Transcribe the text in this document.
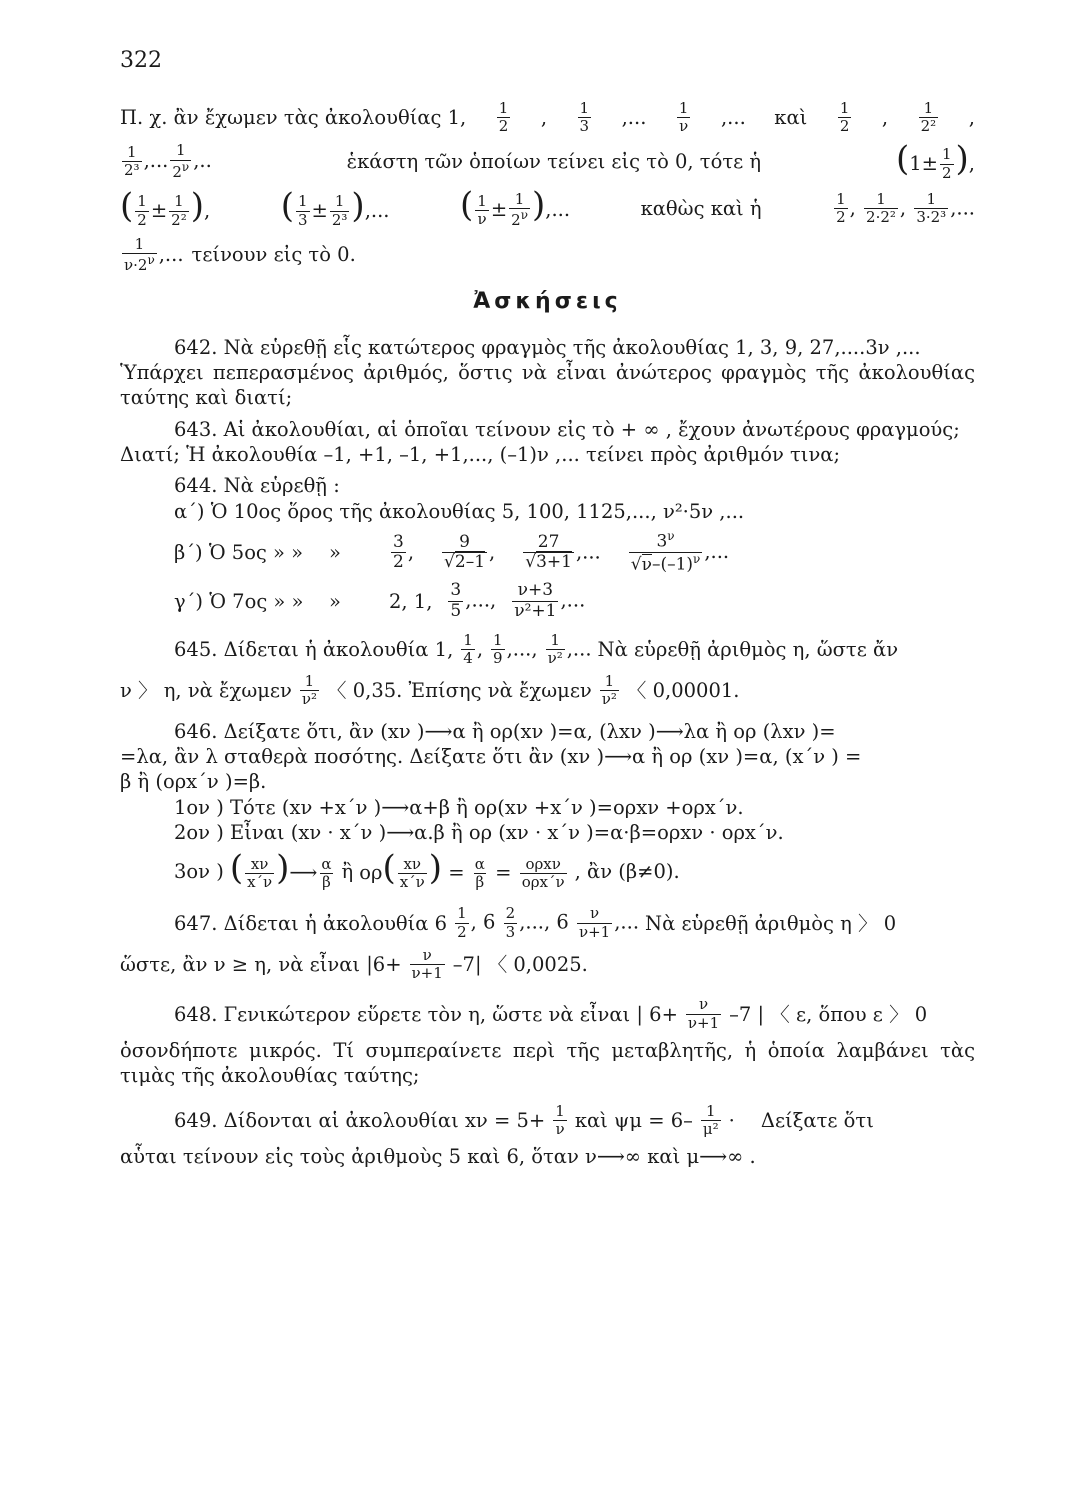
322
Π. χ. ἂν ἔχωμεν τὰς ἀκολουθίας 1, $\frac{1}{2}$ , $\frac{1}{3}$ ,... $\frac{1}{\nu}$ ,... καὶ $\frac{1}{2}$ , $\frac{1}{\text{2²}}$ ,
$\frac{1}{\text{2³}}$ ,... $\frac{1}{2^\nu}$ ,..	ἑκάστη τῶν ὁποίων τείνει εἰς τὸ 0, τότε ἡ	($1\pm \frac{1}{2}$ ),
( $\frac{1}{2} \pm \frac{1}{\text{2²}}$ ), ( $\frac{1}{3} \pm \frac{1}{\text{2³}}$ ),... ( $\frac{1}{\nu} \pm \frac{1}{2^\nu}$ ),...	καθὼς καὶ ἡ	$\frac{1}{2}$ , $\frac{1}{\text{2·2²}}$ , $\frac{1}{\text{3·2³}}$ ,...
$\frac{1}{\nu\cdot 2^\nu}$ ,... τείνουν εἰς τὸ 0.
Ἀσκήσεις
642. Νὰ εὑρεθῇ εἷς κατώτερος φραγμὸς τῆς ἀκολουθίας 1, 3, 9, 27,....3ν ,...
Ὑπάρχει πεπερασμένος ἀριθμός, ὅστις νὰ εἶναι ἀνώτερος φραγμὸς τῆς ἀκολουθίας ταύτης καὶ διατί;
643. Αἱ ἀκολουθίαι, αἱ ὁποῖαι τείνουν εἰς τὸ + ∞ , ἔχουν ἀνωτέρους φραγμούς;
Διατί; Ἡ ἀκολουθία –1, +1, –1, +1,..., (–1)ν ,... τείνει πρὸς ἀριθμόν τινα;
644. Νὰ εὑρεθῇ :
α΄) Ὁ 10ος ὅρος τῆς ἀκολουθίας 5, 100, 1125,..., ν²·5ν ,...
β΄) Ὁ 5ος » »	»	$\frac{3}{2}$ , $\frac{9}{√2-1}$ , $\frac{27}{√3+1}$ ,... $\frac{3^\nu}{√\nu-(-1)^\nu}$ ,...
γ΄) Ὁ 7ος » »	»	2, 1, $\frac{3}{5}$ ,..., $\frac{\nu+3}{\text{ν²+1}}$ ,...
645. Δίδεται ἡ ἀκολουθία 1, $\frac{1}{4}$ , $\frac{1}{9}$ ,..., $\frac{1}{\text{ν²}}$ ,... Νὰ εὑρεθῇ ἀριθμὸς η, ὥστε ἄν
ν 〉 η, νὰ ἔχωμεν $\frac{1}{\text{ν²}}$ 〈 0,35. Ἐπίσης νὰ ἔχωμεν $\frac{1}{\text{ν²}}$ 〈 0,00001.
646. Δείξατε ὅτι, ἂν (xν )⟶α ἢ ορ(xν )=α, (λxν )⟶λα ἢ ορ (λxν )=
=λα, ἂν λ σταθερὰ ποσότης. Δείξατε ὅτι ἂν (xν )⟶α ἢ ορ (xν )=α, (x΄ν ) =
β ἢ (ορx΄ν )=β.
1ον ) Τότε (xν +x΄ν )⟶α+β ἢ ορ(xν +x΄ν )=ορxν +ορx΄ν.
2ον ) Εἶναι (xν · x΄ν )⟶α.β ἢ ορ (xν · x΄ν )=α·β=ορxν · ορx΄ν.
3ον ) ( $\frac{x\nu}{x΄\nu}$ )⟶ $\frac{\alpha}{\beta}$ ἢ $o\rho( \frac{x\nu}{x΄\nu}$ ) = $\frac{\alpha}{\beta} = \frac{\text{ορxν}}{\text{ορx΄ν}}$ , ἂν (β≠0).
647. Δίδεται ἡ ἀκολουθία $6 \frac{1}{2}$ , $6 \frac{2}{3}$ ,..., $6 \frac{\nu}{\nu+1}$ ,... Νὰ εὑρεθῇ ἀριθμὸς η 〉 0
ὥστε, ἂν ν ≥ η, νὰ εἶναι $|6+ \frac{\nu}{\nu+1} -7|$ 〈 0,0025.
648. Γενικώτερον εὕρετε τὸν η, ὥστε νὰ εἶναι | $6+ \frac{\nu}{\nu+1} -7$ | 〈 ε, ὅπου ε 〉 0
ὁσονδήποτε μικρός. Τί συμπεραίνετε περὶ τῆς μεταβλητῆς, ἡ ὁποία λαμβάνει τὰς τιμὰς τῆς ἀκολουθίας ταύτης;
649. Δίδονται αἱ ἀκολουθίαι $x\nu = 5+ \frac{1}{\nu}$ καὶ $\psi\mu = 6- \frac{1}{\text{μ²}} \cdot \Delta\varepsilon ί\xi\alpha\tau\varepsilon$ ὅτι
αὗται τείνουν εἰς τοὺς ἀριθμοὺς 5 καὶ 6, ὅταν ν⟶∞ καὶ μ⟶∞ .
